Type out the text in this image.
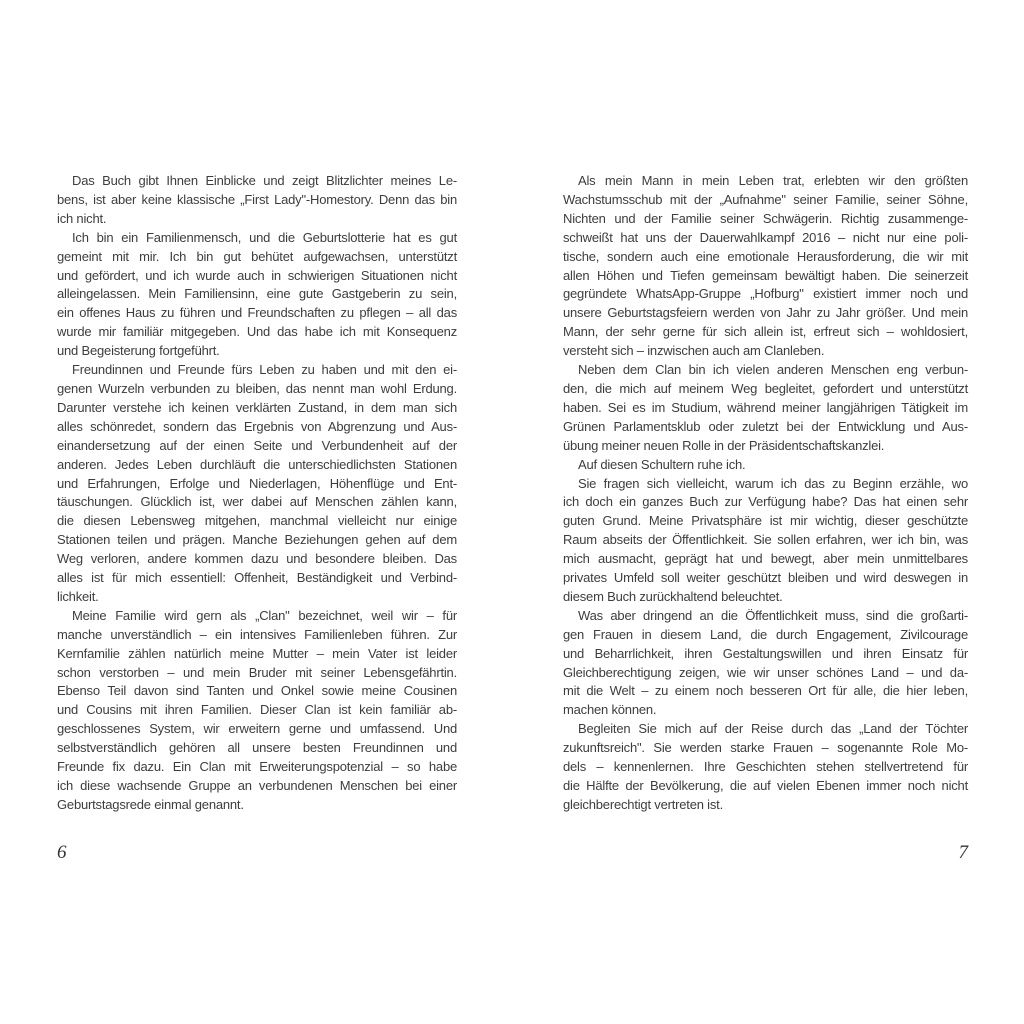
Das Buch gibt Ihnen Einblicke und zeigt Blitzlichter meines Le-
bens, ist aber keine klassische „First Lady"-Homestory. Denn das bin
ich nicht.
Ich bin ein Familienmensch, und die Geburtslotterie hat es gut
gemeint mit mir. Ich bin gut behütet aufgewachsen, unterstützt
und gefördert, und ich wurde auch in schwierigen Situationen nicht
alleingelassen. Mein Familiensinn, eine gute Gastgeberin zu sein,
ein offenes Haus zu führen und Freundschaften zu pflegen – all das
wurde mir familiär mitgegeben. Und das habe ich mit Konsequenz
und Begeisterung fortgeführt.
Freundinnen und Freunde fürs Leben zu haben und mit den ei-
genen Wurzeln verbunden zu bleiben, das nennt man wohl Erdung.
Darunter verstehe ich keinen verklärten Zustand, in dem man sich
alles schönredet, sondern das Ergebnis von Abgrenzung und Aus-
einandersetzung auf der einen Seite und Verbundenheit auf der
anderen. Jedes Leben durchläuft die unterschiedlichsten Stationen
und Erfahrungen, Erfolge und Niederlagen, Höhenflüge und Ent-
täuschungen. Glücklich ist, wer dabei auf Menschen zählen kann,
die diesen Lebensweg mitgehen, manchmal vielleicht nur einige
Stationen teilen und prägen. Manche Beziehungen gehen auf dem
Weg verloren, andere kommen dazu und besondere bleiben. Das
alles ist für mich essentiell: Offenheit, Beständigkeit und Verbind-
lichkeit.
Meine Familie wird gern als „Clan" bezeichnet, weil wir – für
manche unverständlich – ein intensives Familienleben führen. Zur
Kernfamilie zählen natürlich meine Mutter – mein Vater ist leider
schon verstorben – und mein Bruder mit seiner Lebensgefährtin.
Ebenso Teil davon sind Tanten und Onkel sowie meine Cousinen
und Cousins mit ihren Familien. Dieser Clan ist kein familiär ab-
geschlossenes System, wir erweitern gerne und umfassend. Und
selbstverständlich gehören all unsere besten Freundinnen und
Freunde fix dazu. Ein Clan mit Erweiterungspotenzial – so habe
ich diese wachsende Gruppe an verbundenen Menschen bei einer
Geburtstagsrede einmal genannt.
Als mein Mann in mein Leben trat, erlebten wir den größten
Wachstumsschub mit der „Aufnahme" seiner Familie, seiner Söhne,
Nichten und der Familie seiner Schwägerin. Richtig zusammenge-
schweißt hat uns der Dauerwahlkampf 2016 – nicht nur eine poli-
tische, sondern auch eine emotionale Herausforderung, die wir mit
allen Höhen und Tiefen gemeinsam bewältigt haben. Die seinerzeit
gegründete WhatsApp-Gruppe „Hofburg" existiert immer noch und
unsere Geburtstagsfeiern werden von Jahr zu Jahr größer. Und mein
Mann, der sehr gerne für sich allein ist, erfreut sich – wohldosiert,
versteht sich – inzwischen auch am Clanleben.
Neben dem Clan bin ich vielen anderen Menschen eng verbun-
den, die mich auf meinem Weg begleitet, gefordert und unterstützt
haben. Sei es im Studium, während meiner langjährigen Tätigkeit im
Grünen Parlamentsklub oder zuletzt bei der Entwicklung und Aus-
übung meiner neuen Rolle in der Präsidentschaftskanzlei.
Auf diesen Schultern ruhe ich.
Sie fragen sich vielleicht, warum ich das zu Beginn erzähle, wo
ich doch ein ganzes Buch zur Verfügung habe? Das hat einen sehr
guten Grund. Meine Privatsphäre ist mir wichtig, dieser geschützte
Raum abseits der Öffentlichkeit. Sie sollen erfahren, wer ich bin, was
mich ausmacht, geprägt hat und bewegt, aber mein unmittelbares
privates Umfeld soll weiter geschützt bleiben und wird deswegen in
diesem Buch zurückhaltend beleuchtet.
Was aber dringend an die Öffentlichkeit muss, sind die großarti-
gen Frauen in diesem Land, die durch Engagement, Zivilcourage
und Beharrlichkeit, ihren Gestaltungswillen und ihren Einsatz für
Gleichberechtigung zeigen, wie wir unser schönes Land – und da-
mit die Welt – zu einem noch besseren Ort für alle, die hier leben,
machen können.
Begleiten Sie mich auf der Reise durch das „Land der Töchter
zukunftsreich". Sie werden starke Frauen – sogenannte Role Mo-
dels – kennenlernen. Ihre Geschichten stehen stellvertretend für
die Hälfte der Bevölkerung, die auf vielen Ebenen immer noch nicht
gleichberechtigt vertreten ist.
6	7
